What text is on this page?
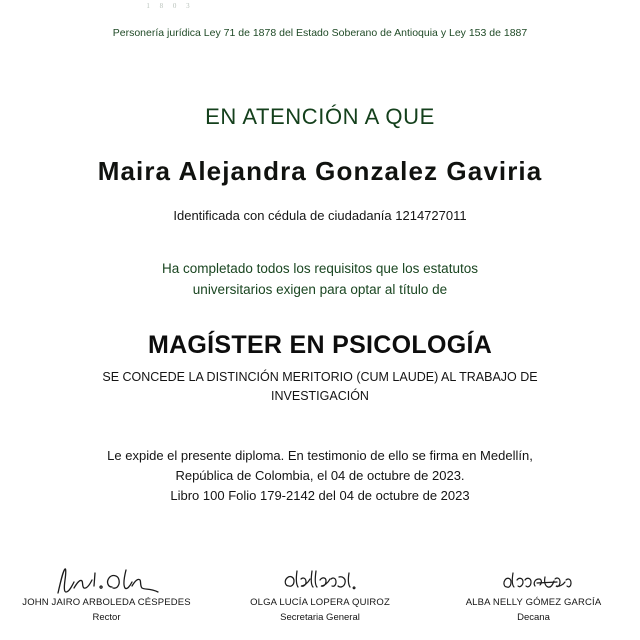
1 8 0 3
Personería jurídica Ley 71 de 1878 del Estado Soberano de Antioquia y Ley 153 de 1887
EN ATENCIÓN A QUE
Maira Alejandra Gonzalez Gaviria
Identificada con cédula de ciudadanía 1214727011
Ha completado todos los requisitos que los estatutos
universitarios exigen para optar al título de
MAGÍSTER EN PSICOLOGÍA
SE CONCEDE LA DISTINCIÓN MERITORIO (CUM LAUDE) AL TRABAJO DE
INVESTIGACIÓN
Le expide el presente diploma. En testimonio de ello se firma en Medellín,
República de Colombia, el 04 de octubre de 2023.
Libro 100 Folio 179-2142 del 04 de octubre de 2023
JOHN JAIRO ARBOLEDA CÉSPEDES
Rector
OLGA LUCÍA LOPERA QUIROZ
Secretaria General
ALBA NELLY GÓMEZ GARCÍA
Decana
